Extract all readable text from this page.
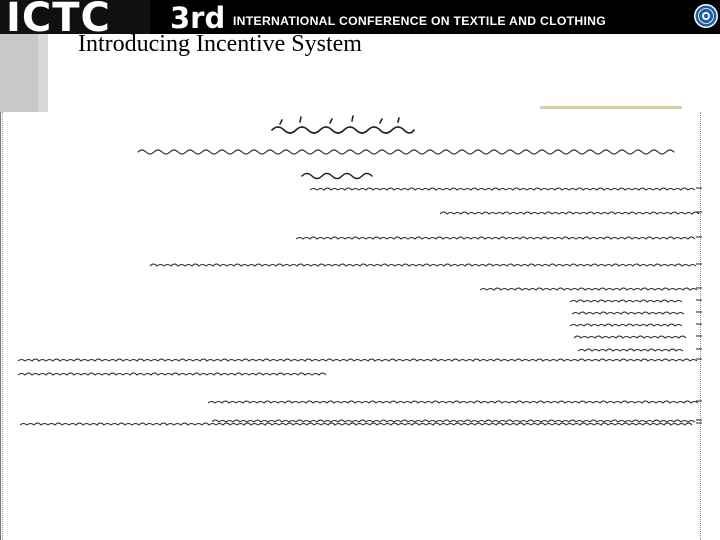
ICTC 3rd INTERNATIONAL CONFERENCE ON TEXTILE AND CLOTHING
Introducing Incentive System
